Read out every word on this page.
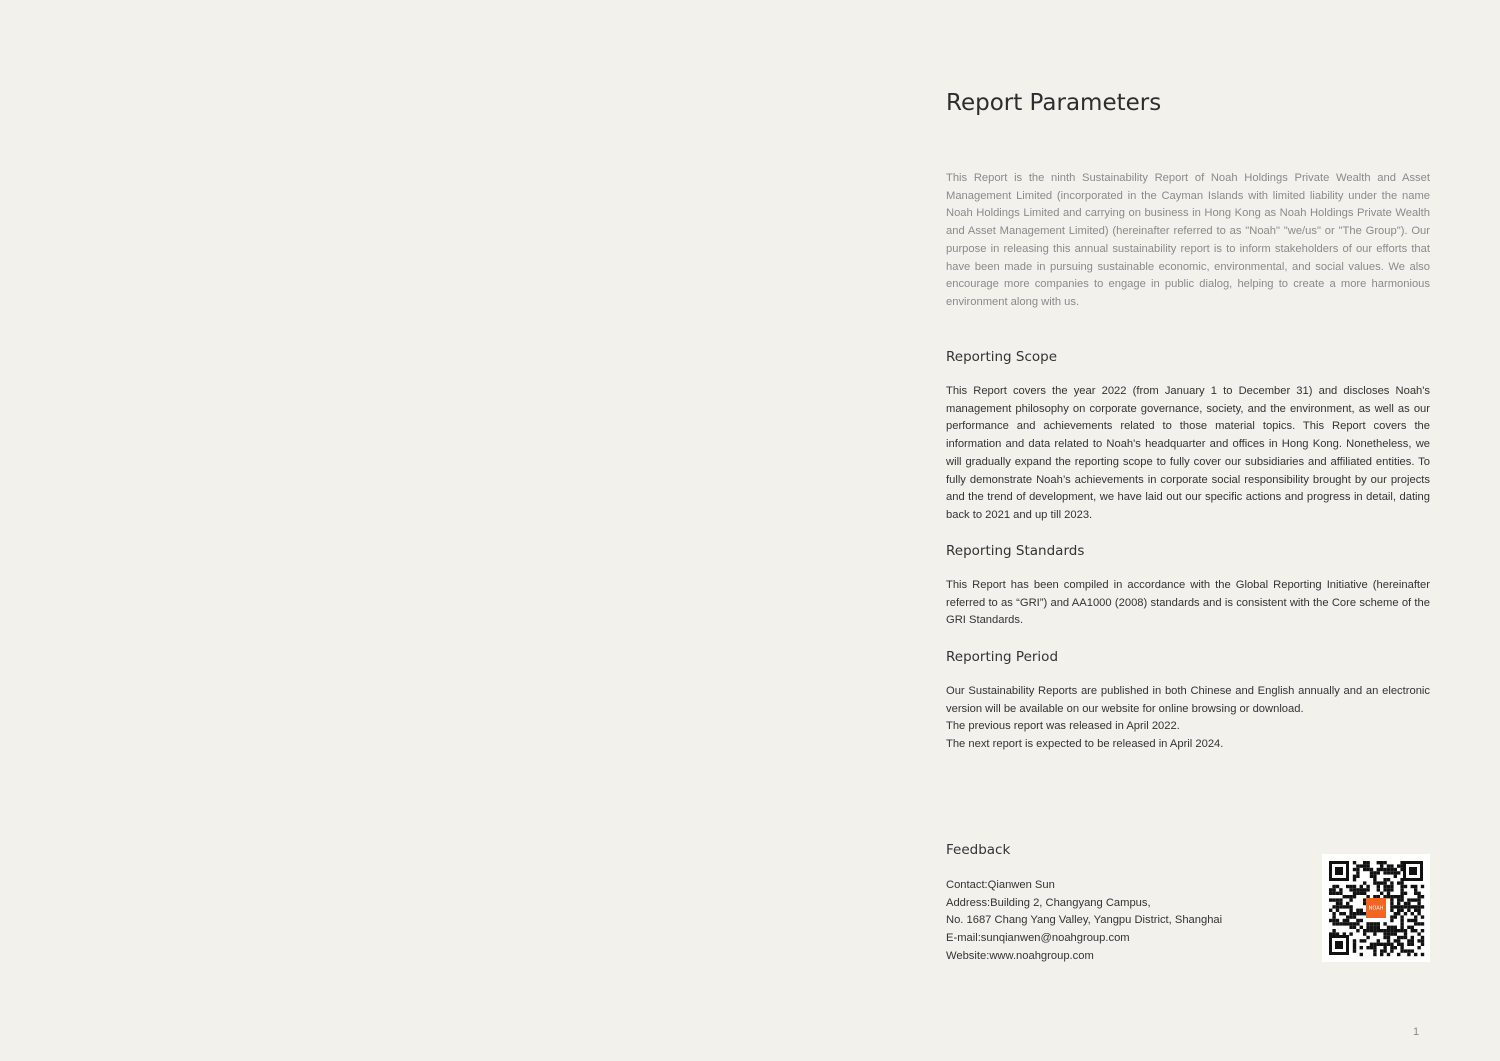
Report Parameters

This Report is the ninth Sustainability Report of Noah Holdings Private Wealth and Asset Management Limited (incorporated in the Cayman Islands with limited liability under the name Noah Holdings Limited and carrying on business in Hong Kong as Noah Holdings Private Wealth and Asset Management Limited) (hereinafter referred to as "Noah" "we/us" or "The Group"). Our purpose in releasing this annual sustainability report is to inform stakeholders of our efforts that have been made in pursuing sustainable economic, environmental, and social values. We also encourage more companies to engage in public dialog, helping to create a more harmonious environment along with us.

Reporting Scope

This Report covers the year 2022 (from January 1 to December 31) and discloses Noah's management philosophy on corporate governance, society, and the environment, as well as our performance and achievements related to those material topics. This Report covers the information and data related to Noah's headquarter and offices in Hong Kong. Nonetheless, we will gradually expand the reporting scope to fully cover our subsidiaries and affiliated entities. To fully demonstrate Noah’s achievements in corporate social responsibility brought by our projects and the trend of development, we have laid out our specific actions and progress in detail, dating back to 2021 and up till 2023.

Reporting Standards

This Report has been compiled in accordance with the Global Reporting Initiative (hereinafter referred to as “GRI”) and AA1000 (2008) standards and is consistent with the Core scheme of the GRI Standards.

Reporting Period
Our Sustainability Reports are published in both Chinese and English annually and an electronic version will be available on our website for online browsing or download.
The previous report was released in April 2022.
The next report is expected to be released in April 2024.
Feedback
Contact:Qianwen Sun
Address:Building 2, Changyang Campus,
No. 1687 Chang Yang Valley, Yangpu District, Shanghai
E-mail:sunqianwen@noahgroup.com
Website:www.noahgroup.com
NOAH
1
